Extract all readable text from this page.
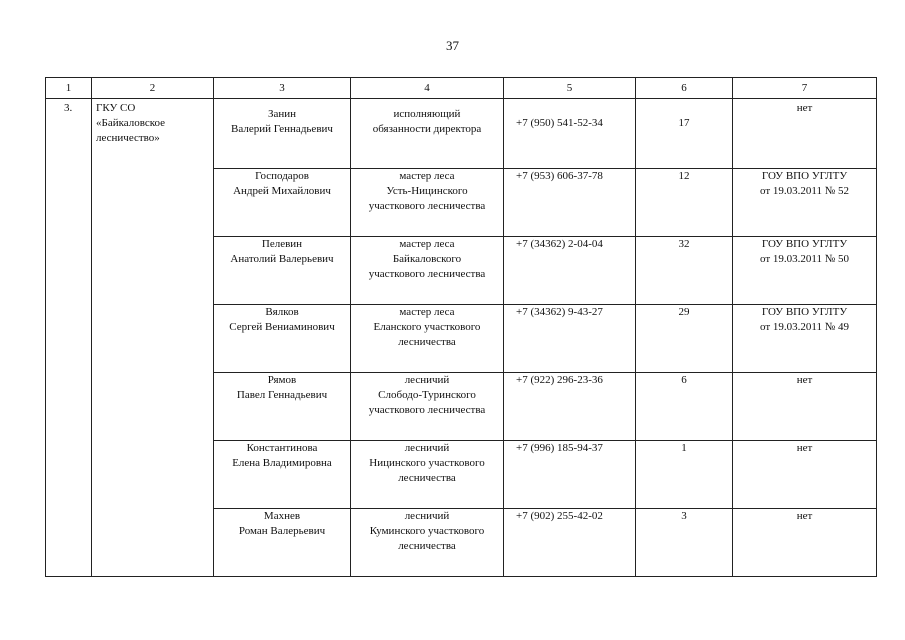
37
1	2	3	4	5	6	7

3.	ГКУ СО
«Байкаловское
лесничество»	Занин
Валерий Геннадьевич	исполняющий
обязанности директора	+7 (950) 541-52-34	17	нет

		Господаров
Андрей Михайлович	мастер леса
Усть-Ницинского
участкового лесничества	+7 (953) 606-37-78	12	ГОУ ВПО УГЛТУ
от 19.03.2011 № 52

		Пелевин
Анатолий Валерьевич	мастер леса
Байкаловского
участкового лесничества	+7 (34362) 2-04-04	32	ГОУ ВПО УГЛТУ
от 19.03.2011 № 50

		Вялков
Сергей Вениаминович	мастер леса
Еланского участкового
лесничества	+7 (34362) 9-43-27	29	ГОУ ВПО УГЛТУ
от 19.03.2011 № 49

		Рямов
Павел Геннадьевич	лесничий
Слободо-Туринского
участкового лесничества	+7 (922) 296-23-36	6	нет

		Константинова
Елена Владимировна	лесничий
Ницинского участкового
лесничества	+7 (996) 185-94-37	1	нет

		Махнев
Роман Валерьевич	лесничий
Куминского участкового
лесничества	+7 (902) 255-42-02	3	нет
